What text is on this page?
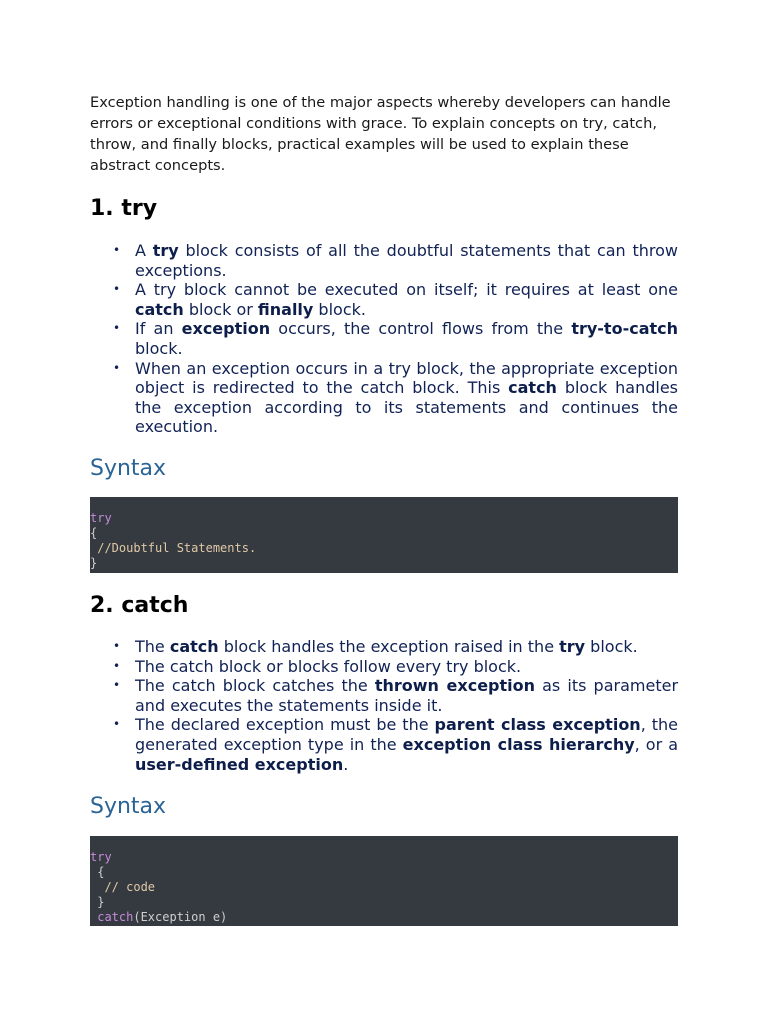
Exception handling is one of the major aspects whereby developers can handle errors or exceptional conditions with grace. To explain concepts on try, catch, throw, and finally blocks, practical examples will be used to explain these abstract concepts.

1. try
• A try block consists of all the doubtful statements that can throw exceptions.
• A try block cannot be executed on itself; it requires at least one catch block or finally block.
• If an exception occurs, the control flows from the try-to-catch block.
• When an exception occurs in a try block, the appropriate exception object is redirected to the catch block. This catch block handles the exception according to its statements and continues the execution.
Syntax
try
{
//Doubtful Statements.
}
2. catch
• The catch block handles the exception raised in the try block.
• The catch block or blocks follow every try block.
• The catch block catches the thrown exception as its parameter and executes the statements inside it.
• The declared exception must be the parent class exception, the generated exception type in the exception class hierarchy, or a user-defined exception.
Syntax
try
{
// code
}
catch(Exception e)
